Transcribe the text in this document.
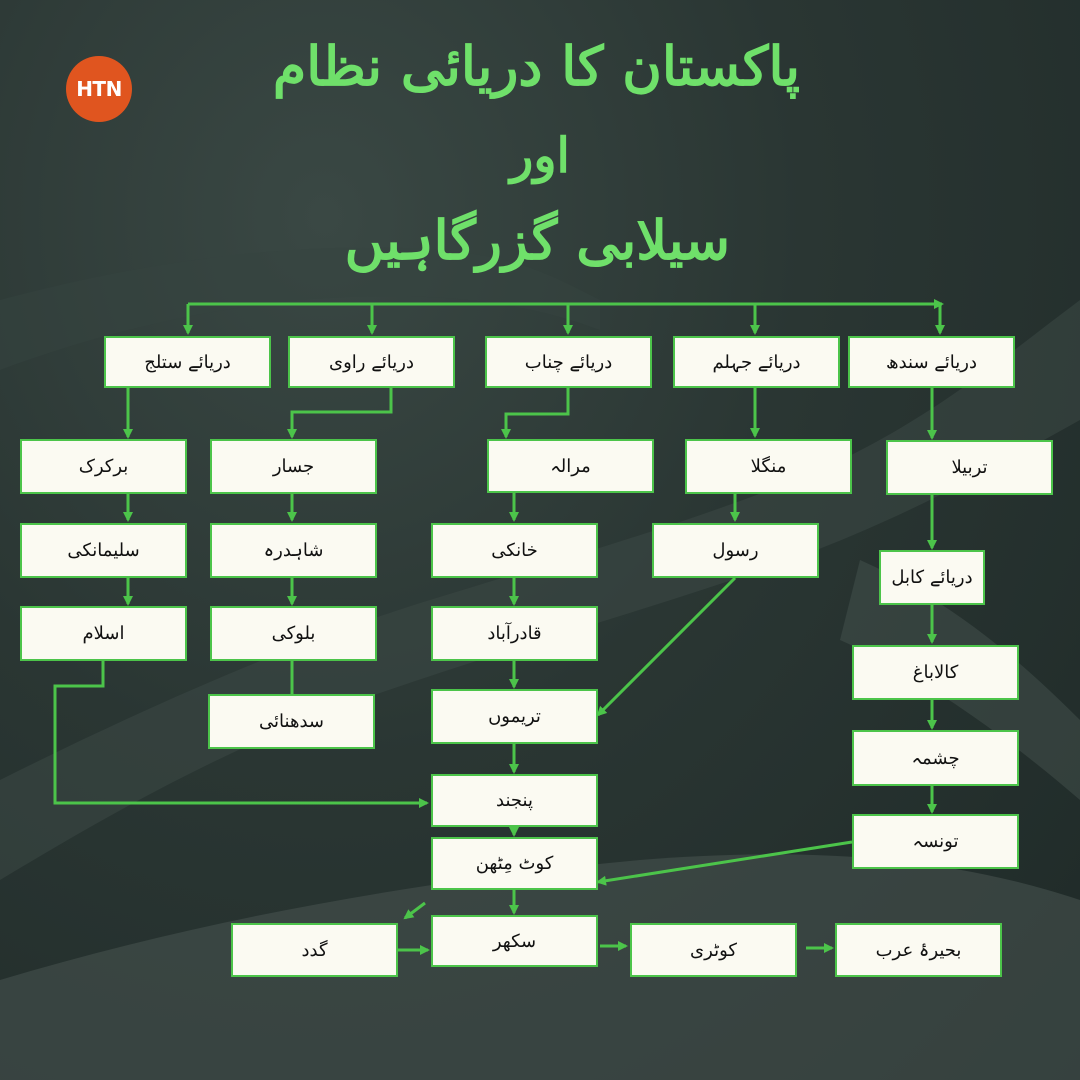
HTN	پاکستان کا دریائی نظام
اور
سیلابی گزرگاہیں
دریائے ستلج	دریائے راوی	دریائے چناب	دریائے جہلم	دریائے سندھ
تربیلا
دریائے کابل
کالاباغ
چشمہ
تونسہ
منگلا
رسول
مرالہ
خانکی
قادرآباد
تریموں
جسار
شاہدرہ
بلوکی
سدھنائی
برکرک
سلیمانکی
اسلام
پنجند
کوٹ مِٹھن
سکھر
گدد	کوٹری	بحیرۂ عرب
